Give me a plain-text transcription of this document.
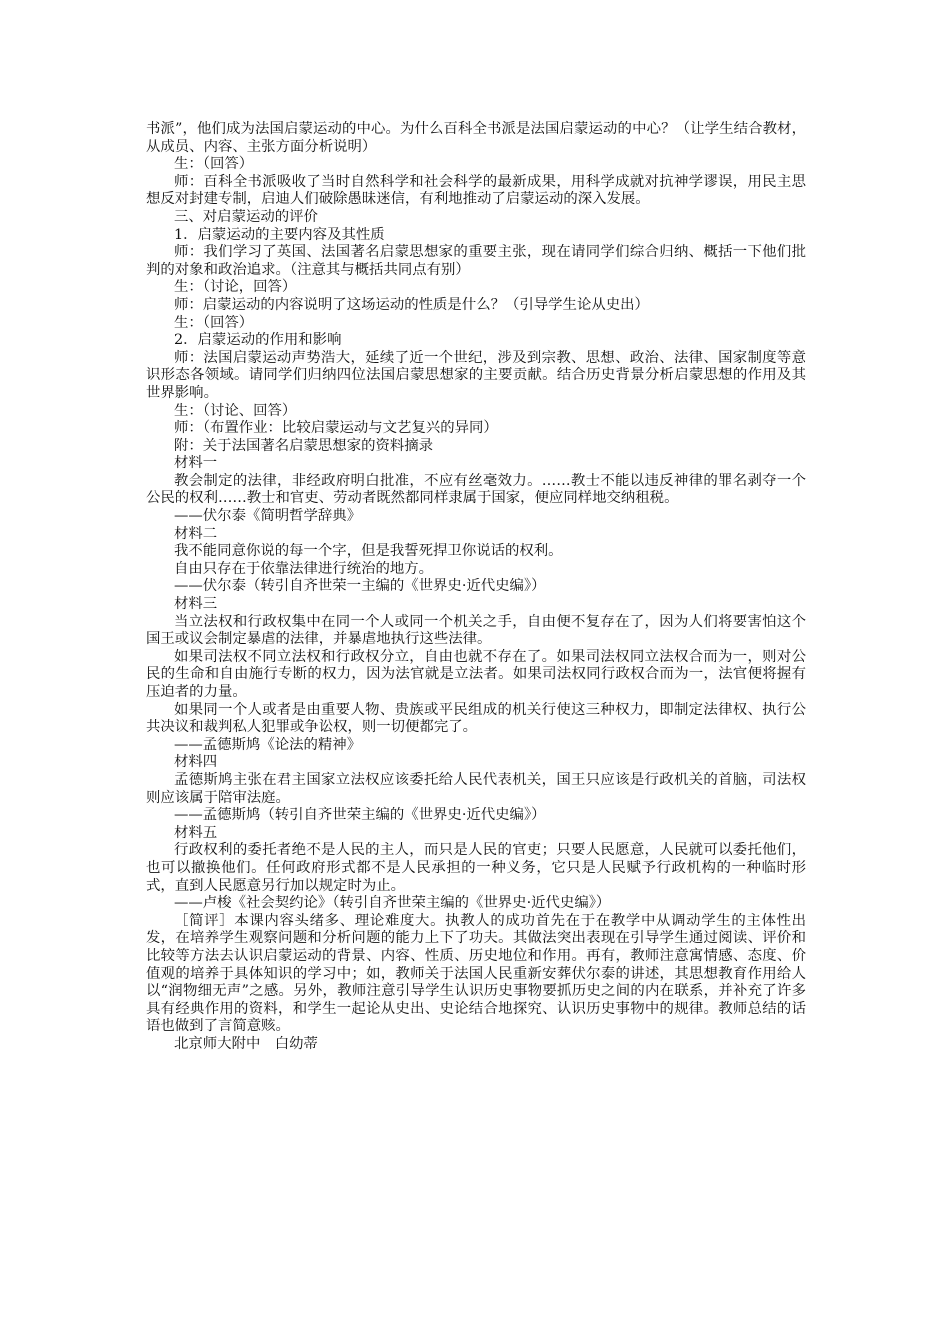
书派”，他们成为法国启蒙运动的中心。为什么百科全书派是法国启蒙运动的中心？（让学生结合教材，从成员、内容、主张方面分析说明）

生：（回答）

师：百科全书派吸收了当时自然科学和社会科学的最新成果，用科学成就对抗神学谬误，用民主思想反对封建专制，启迪人们破除愚昧迷信，有利地推动了启蒙运动的深入发展。

三、对启蒙运动的评价

1．启蒙运动的主要内容及其性质

师：我们学习了英国、法国著名启蒙思想家的重要主张，现在请同学们综合归纳、概括一下他们批判的对象和政治追求。（注意其与概括共同点有别）

生：（讨论，回答）

师：启蒙运动的内容说明了这场运动的性质是什么？（引导学生论从史出）

生：（回答）

2．启蒙运动的作用和影响

师：法国启蒙运动声势浩大，延续了近一个世纪，涉及到宗教、思想、政治、法律、国家制度等意识形态各领域。请同学们归纳四位法国启蒙思想家的主要贡献。结合历史背景分析启蒙思想的作用及其世界影响。

生：（讨论、回答）

师：（布置作业：比较启蒙运动与文艺复兴的异同）

附：关于法国著名启蒙思想家的资料摘录

材料一

教会制定的法律，非经政府明白批准，不应有丝毫效力。……教士不能以违反神律的罪名剥夺一个公民的权利……教士和官吏、劳动者既然都同样隶属于国家，便应同样地交纳租税。

——伏尔泰《简明哲学辞典》

材料二

我不能同意你说的每一个字，但是我誓死捍卫你说话的权利。

自由只存在于依靠法律进行统治的地方。

——伏尔泰（转引自齐世荣一主编的《世界史·近代史编》）

材料三

当立法权和行政权集中在同一个人或同一个机关之手，自由便不复存在了，因为人们将要害怕这个国王或议会制定暴虐的法律，并暴虐地执行这些法律。

如果司法权不同立法权和行政权分立，自由也就不存在了。如果司法权同立法权合而为一，则对公民的生命和自由施行专断的权力，因为法官就是立法者。如果司法权同行政权合而为一，法官便将握有压迫者的力量。

如果同一个人或者是由重要人物、贵族或平民组成的机关行使这三种权力，即制定法律权、执行公共决议和裁判私人犯罪或争讼权，则一切便都完了。

——孟德斯鸠《论法的精神》

材料四

孟德斯鸠主张在君主国家立法权应该委托给人民代表机关，国王只应该是行政机关的首脑，司法权则应该属于陪审法庭。

——孟德斯鸠（转引自齐世荣主编的《世界史·近代史编》）

材料五

行政权利的委托者绝不是人民的主人，而只是人民的官吏；只要人民愿意，人民就可以委托他们，也可以撤换他们。任何政府形式都不是人民承担的一种义务，它只是人民赋予行政机构的一种临时形式，直到人民愿意另行加以规定时为止。

——卢梭《社会契约论》（转引自齐世荣主编的《世界史·近代史编》）

［简评］本课内容头绪多、理论难度大。执教人的成功首先在于在教学中从调动学生的主体性出发，在培养学生观察问题和分析问题的能力上下了功夫。其做法突出表现在引导学生通过阅读、评价和比较等方法去认识启蒙运动的背景、内容、性质、历史地位和作用。再有，教师注意寓情感、态度、价值观的培养于具体知识的学习中；如，教师关于法国人民重新安葬伏尔泰的讲述，其思想教育作用给人以“润物细无声”之感。另外，教师注意引导学生认识历史事物要抓历史之间的内在联系，并补充了许多具有经典作用的资料，和学生一起论从史出、史论结合地探究、认识历史事物中的规律。教师总结的话语也做到了言简意赅。

北京师大附中　白幼蒂
